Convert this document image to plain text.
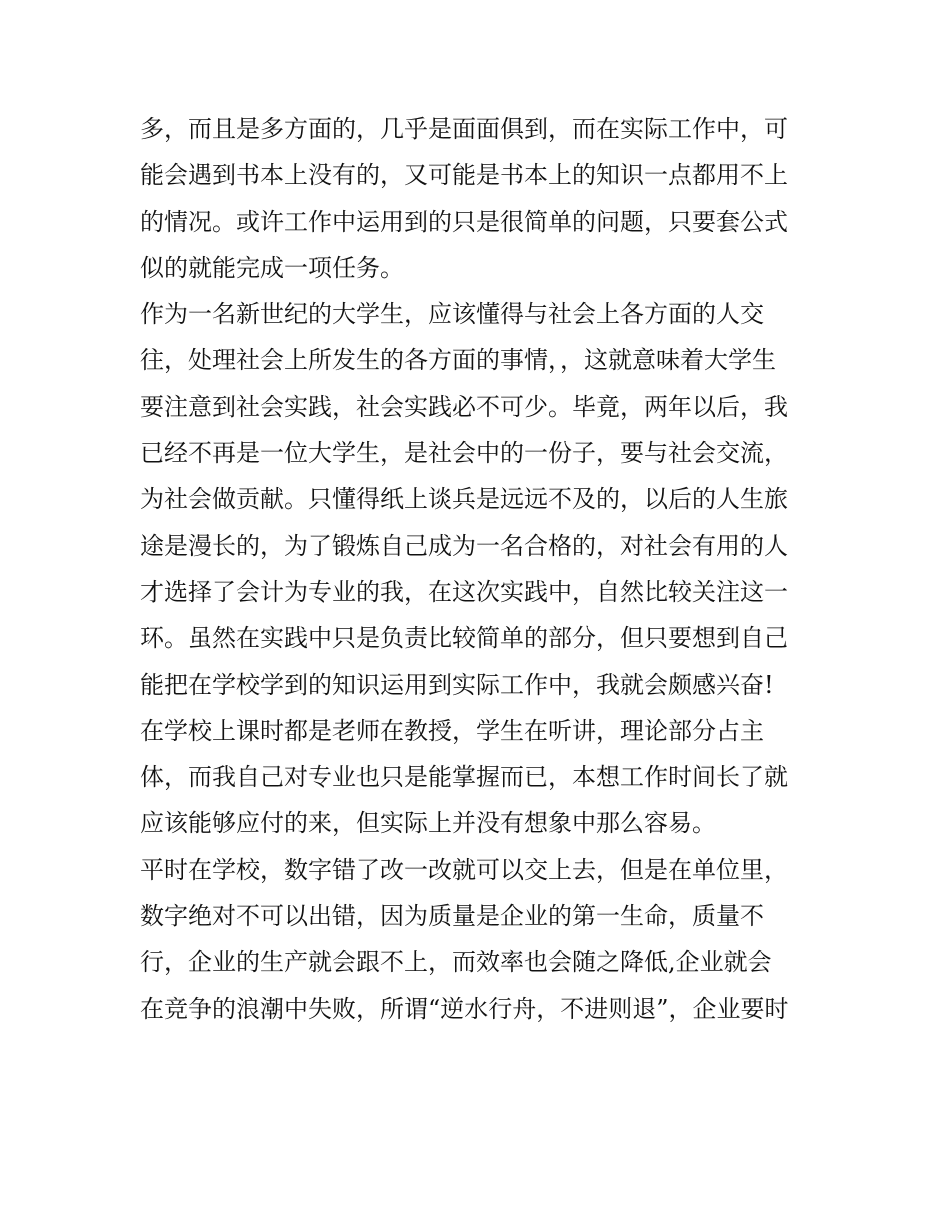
多，而且是多方面的，几乎是面面俱到，而在实际工作中，可
能会遇到书本上没有的，又可能是书本上的知识一点都用不上
的情况。或许工作中运用到的只是很简单的问题，只要套公式
似的就能完成一项任务。
作为一名新世纪的大学生，应该懂得与社会上各方面的人交
往，处理社会上所发生的各方面的事情，，这就意味着大学生
要注意到社会实践，社会实践必不可少。毕竟，两年以后，我
已经不再是一位大学生，是社会中的一份子，要与社会交流，
为社会做贡献。只懂得纸上谈兵是远远不及的，以后的人生旅
途是漫长的，为了锻炼自己成为一名合格的，对社会有用的人
才选择了会计为专业的我，在这次实践中，自然比较关注这一
环。虽然在实践中只是负责比较简单的部分，但只要想到自己
能把在学校学到的知识运用到实际工作中，我就会颇感兴奋!
在学校上课时都是老师在教授，学生在听讲，理论部分占主
体，而我自己对专业也只是能掌握而已，本想工作时间长了就
应该能够应付的来，但实际上并没有想象中那么容易。
平时在学校，数字错了改一改就可以交上去，但是在单位里，
数字绝对不可以出错，因为质量是企业的第一生命，质量不
行，企业的生产就会跟不上，而效率也会随之降低,企业就会
在竞争的浪潮中失败，所谓“逆水行舟，不进则退”，企业要时
